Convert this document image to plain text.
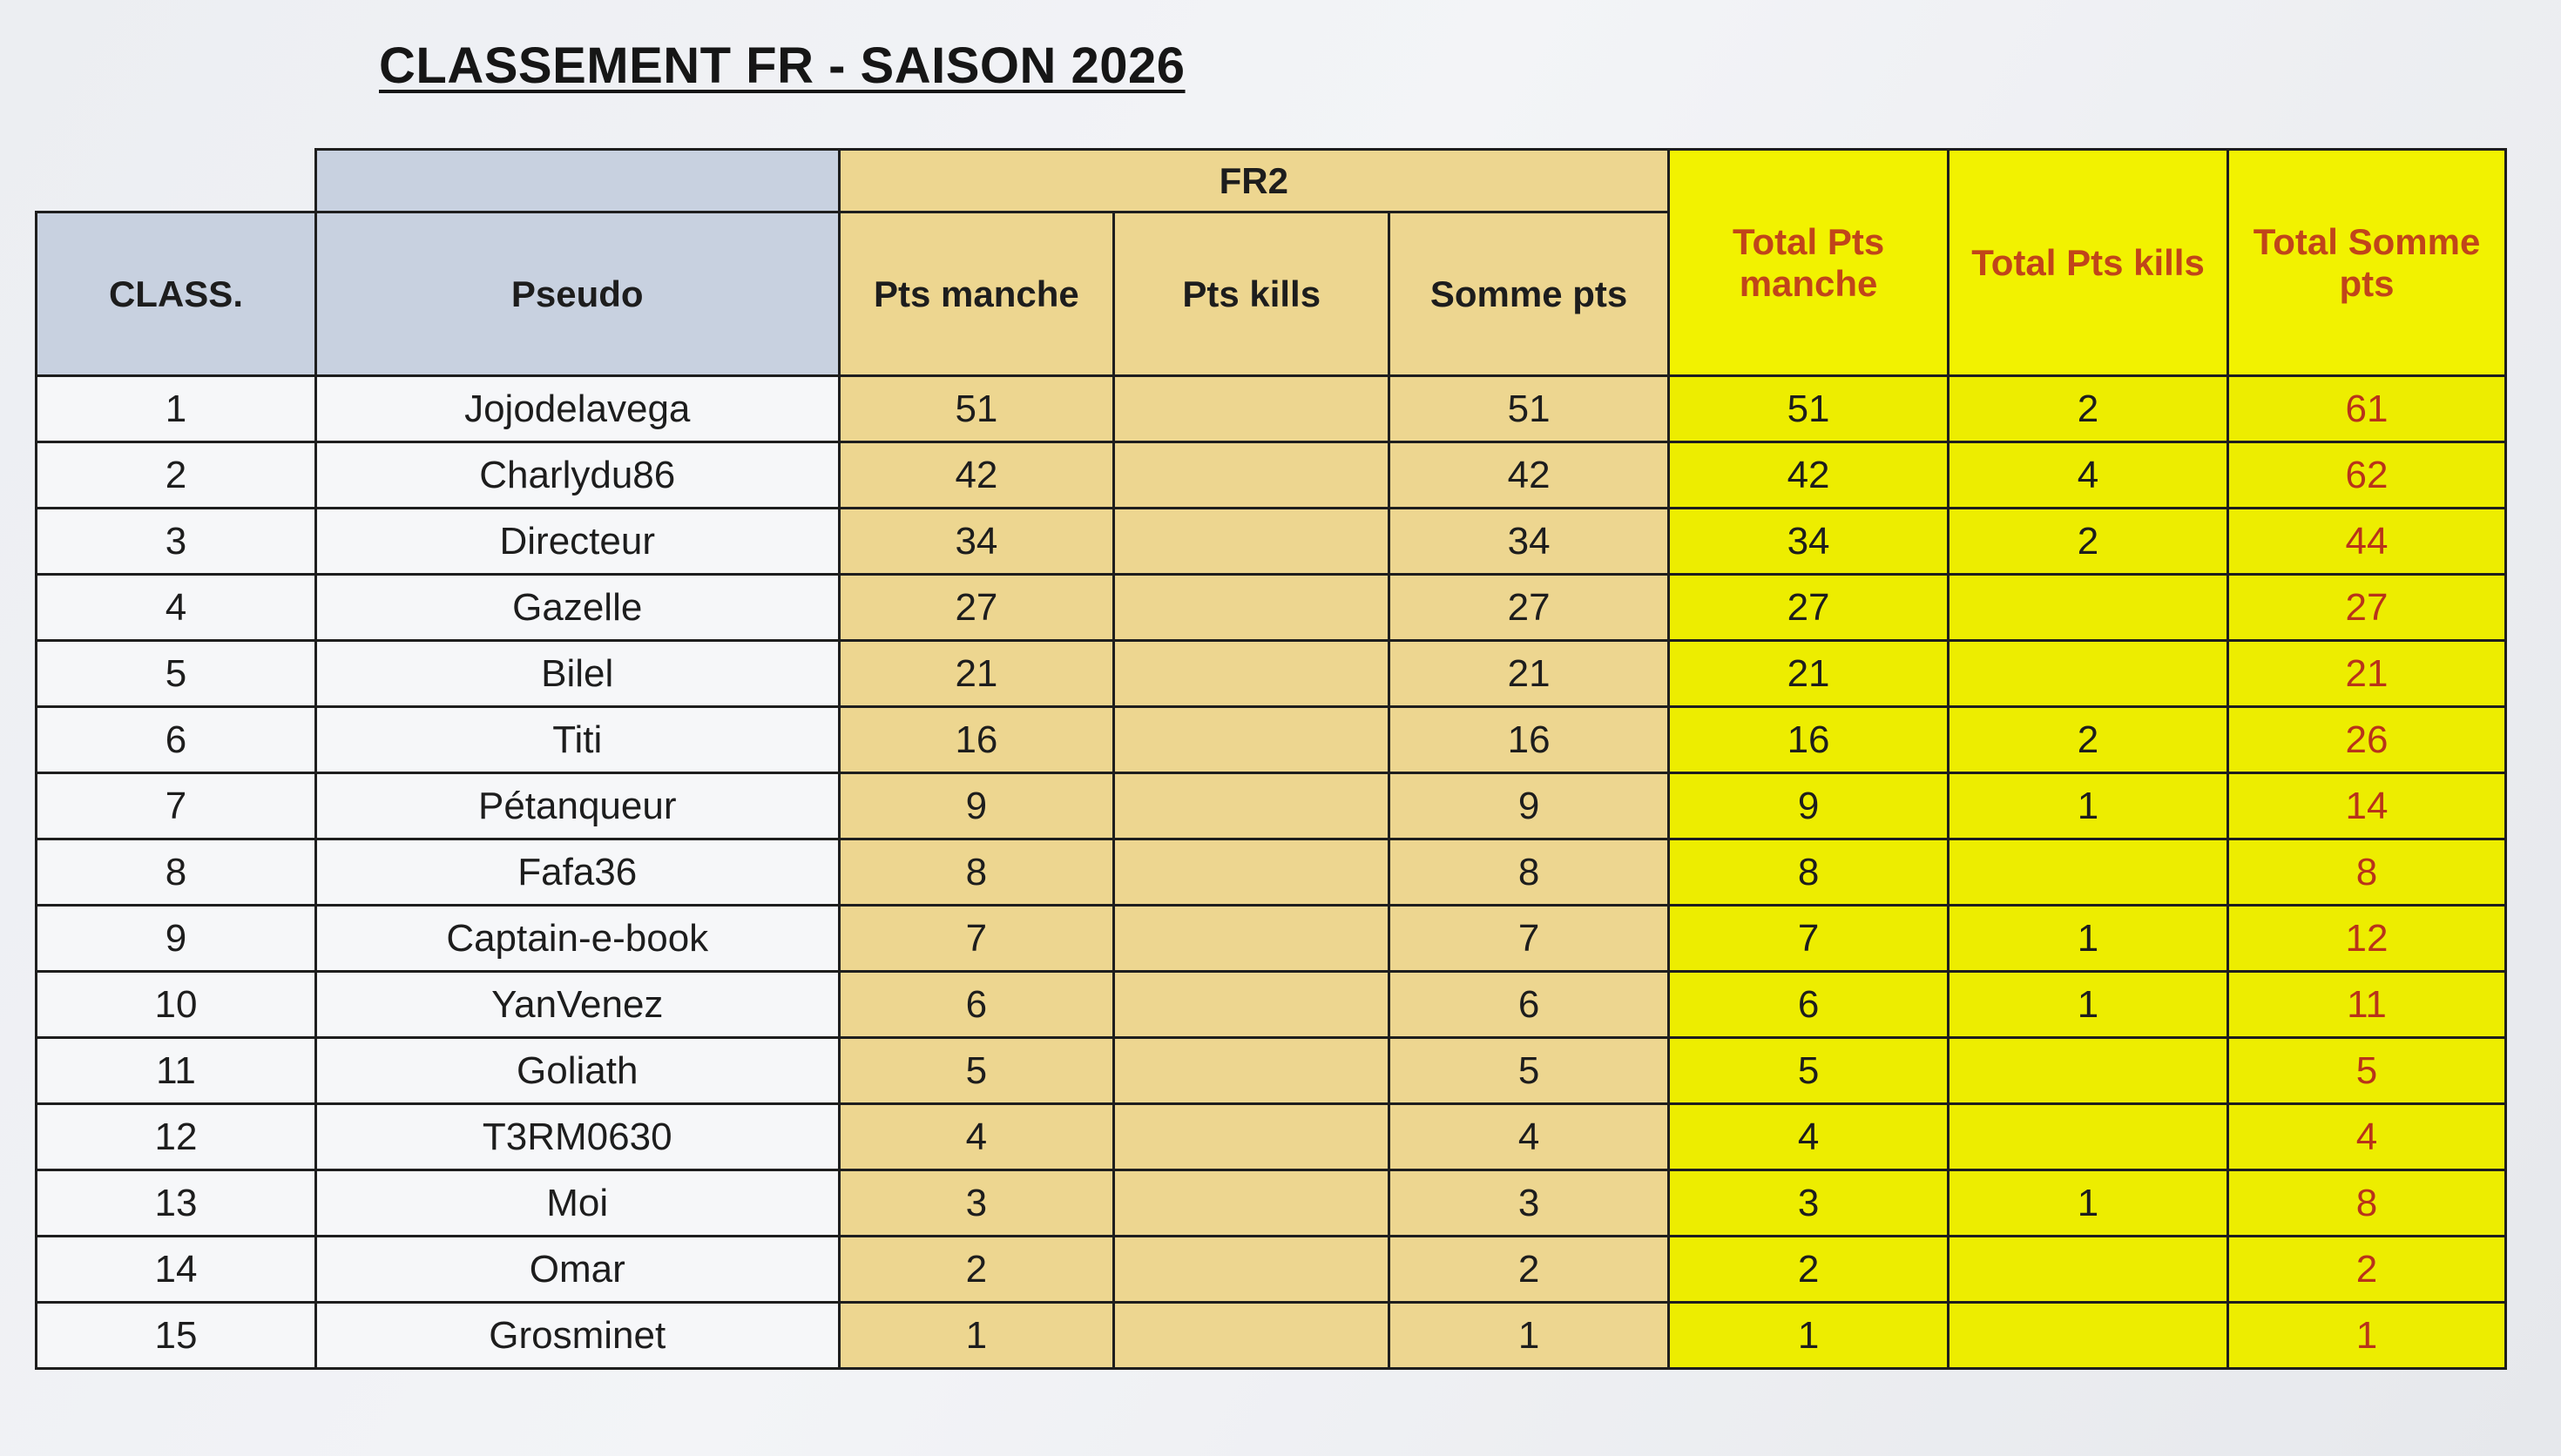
CLASSEMENT FR - SAISON 2026
		FR2			Total Pts manche	Total Pts kills	Total Somme pts
CLASS.	Pseudo	Pts manche	Pts kills	Somme pts			
1	Jojodelavega	51		51	51	2	61
2	Charlydu86	42		42	42	4	62
3	Directeur	34		34	34	2	44
4	Gazelle	27		27	27		27
5	Bilel	21		21	21		21
6	Titi	16		16	16	2	26
7	Pétanqueur	9		9	9	1	14
8	Fafa36	8		8	8		8
9	Captain-e-book	7		7	7	1	12
10	YanVenez	6		6	6	1	11
11	Goliath	5		5	5		5
12	T3RM0630	4		4	4		4
13	Moi	3		3	3	1	8
14	Omar	2		2	2		2
15	Grosminet	1		1	1		1
